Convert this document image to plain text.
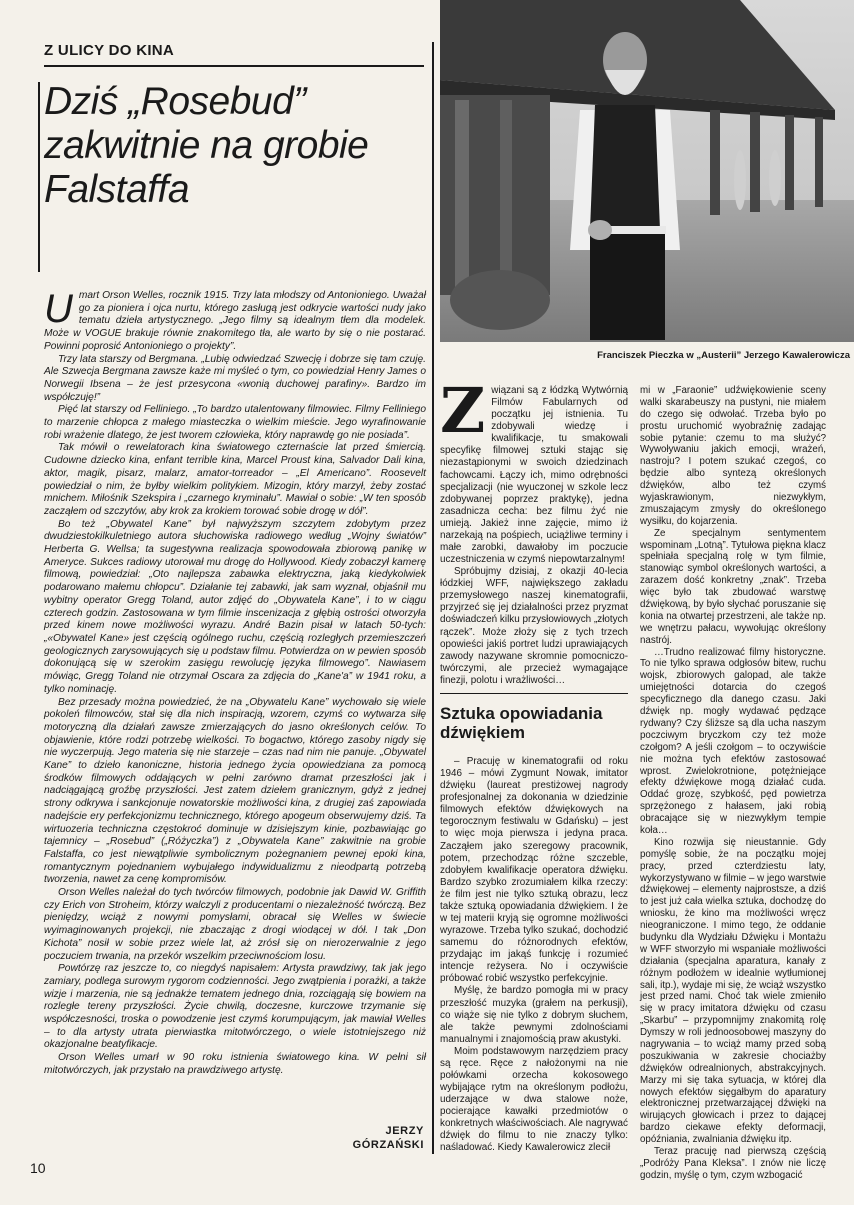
Z ULICY DO KINA
Dziś „Rosebud” zakwitnie na grobie Falstaffa

Umart Orson Welles, rocznik 1915. Trzy lata młodszy od Antonioniego. Uważał go za pioniera i ojca nurtu, którego zasługą jest odkrycie wartości nudy jako tematu dzieła artystycznego. „Jego filmy są idealnym tłem dla modelek. Może w VOGUE brakuje równie znakomitego tła, ale warto by się o nie postarać. Powinni poprosić Antonioniego o projekty”.

Trzy lata starszy od Bergmana. „Lubię odwiedzać Szwecję i dobrze się tam czuję. Ale Szwecja Bergmana zawsze każe mi myśleć o tym, co powiedział Henry James o Norwegii Ibsena – że jest przesycona «wonią duchowej parafiny». Bardzo im współczuję!”

Pięć lat starszy od Felliniego. „To bardzo utalentowany filmowiec. Filmy Felliniego to marzenie chłopca z małego miasteczka o wielkim mieście. Jego wyrafinowanie robi wrażenie dlatego, że jest tworem człowieka, który naprawdę go nie posiada”.

Tak mówił o rewelatorach kina światowego czternaście lat przed śmiercią. Cudowne dziecko kina, enfant terrible kina, Marcel Proust kina, Salvador Dali kina, aktor, magik, pisarz, malarz, amator-torreador – „El Americano”. Roosevelt powiedział o nim, że byłby wielkim politykiem. Mizogin, który marzył, żeby zostać mnichem. Miłośnik Szekspira i „czarnego kryminału”. Mawiał o sobie: „W ten sposób zacząłem od szczytów, aby krok za krokiem torować sobie drogę w dół”.

Bo też „Obywatel Kane” był najwyższym szczytem zdobytym przez dwudziestokilkuletniego autora słuchowiska radiowego według „Wojny światów” Herberta G. Wellsa; ta sugestywna realizacja spowodowała zbiorową panikę w Ameryce. Sukces radiowy utorował mu drogę do Hollywood. Kiedy zobaczył kamerę filmową, powiedział: „Oto najlepsza zabawka elektryczna, jaką kiedykolwiek podarowano małemu chłopcu”. Działanie tej zabawki, jak sam wyznał, objaśnił mu wybitny operator Gregg Toland, autor zdjęć do „Obywatela Kane”, i to w ciągu czterech godzin. Zastosowana w tym filmie inscenizacja z głębią ostrości otworzyła przed kinem nowe możliwości wyrazu. André Bazin pisał w latach 50-tych: „«Obywatel Kane» jest częścią ogólnego ruchu, częścią rozległych przemieszczeń geologicznych zarysowujących się u podstaw filmu. Potwierdza on w pewien sposób dokonującą się w szerokim zasięgu rewolucję języka filmowego”. Nawiasem mówiąc, Gregg Toland nie otrzymał Oscara za zdjęcia do „Kane'a” w 1941 roku, a tylko nominację.

Bez przesady można powiedzieć, że na „Obywatelu Kane” wychowało się wiele pokoleń filmowców, stał się dla nich inspiracją, wzorem, czymś co wytwarza siłę motoryczną dla działań zawsze zmierzających do jasno określonych celów. To objawienie, które rodzi potrzebę wielkości. To bogactwo, którego zasoby nigdy się nie wyczerpują. Jego materia się nie starzeje – czas nad nim nie panuje. „Obywatel Kane” to dzieło kanoniczne, historia jednego życia opowiedziana za pomocą środków filmowych oddających w pełni zarówno dramat przeszłości jak i nadciągającą groźbę przyszłości. Jest zatem dziełem granicznym, gdyż z jednej strony odkrywa i sankcjonuje nowatorskie możliwości kina, z drugiej zaś zapowiada nadejście ery perfekcjonizmu technicznego, którego apogeum obserwujemy dziś. Ta wirtuozeria techniczna częstokroć dominuje w dzisiejszym kinie, pozbawiając go tajemnicy – „Rosebud” („Różyczka”) z „Obywatela Kane” zakwitnie na grobie Falstaffa, co jest niewątpliwie symbolicznym pożegnaniem pewnej epoki kina, romantycznym pojednaniem wybujałego indywidualizmu z nieodpartą potrzebą tworzenia, nawet za cenę kompromisów.

Orson Welles należał do tych twórców filmowych, podobnie jak Dawid W. Griffith czy Erich von Stroheim, którzy walczyli z producentami o niezależność twórczą. Bez pieniędzy, wciąż z nowymi pomysłami, obracał się Welles w świecie wyimaginowanych projekcji, nie zbaczając z drogi wiodącej w dół. I tak „Don Kichota” nosił w sobie przez wiele lat, aż zrósł się on nierozerwalnie z jego poczuciem trwania, na przekór wszelkim przeciwnościom losu.

Powtórzę raz jeszcze to, co niegdyś napisałem: Artysta prawdziwy, tak jak jego zamiary, podlega surowym rygorom codzienności. Jego zwątpienia i porażki, a także wizje i marzenia, nie są jednakże tematem jednego dnia, rozciągają się bowiem na rozległe tereny przyszłości. Życie chwilą, doczesne, kurczowe trzymanie się współczesności, troska o powodzenie jest czymś korumpującym, jak mawiał Welles – to dla artysty utrata pierwiastka mitotwórczego, o wiele istotniejszego niż okazjonalne beatyfikacje.

Orson Welles umarł w 90 roku istnienia światowego kina. W pełni sił mitotwórczych, jak przystało na prawdziwego artystę.

JERZY GÓRZAŃSKI
Franciszek Pieczka w „Austerii” Jerzego Kawalerowicza

Związani są z łódzką Wytwórnią Filmów Fabularnych od początku jej istnienia. Tu zdobywali wiedzę i kwalifikacje, tu smakowali specyfikę filmowej sztuki stając się niezastąpionymi w swoich dziedzinach fachowcami. Łączy ich, mimo odrębności specjalizacji (nie wyuczonej w szkole lecz zdobywanej poprzez praktykę), jedna zasadnicza cecha: bez filmu żyć nie umieją. Jakież inne zajęcie, mimo iż narzekają na pośpiech, uciążliwe terminy i małe zarobki, dawałoby im poczucie uczestniczenia w czymś niepowtarzalnym!

Spróbujmy dzisiaj, z okazji 40-lecia łódzkiej WFF, największego zakładu przemysłowego naszej kinematografii, przyjrzeć się jej działalności przez pryzmat doświadczeń kilku przysłowiowych „złotych rączek”. Może złoży się z tych trzech opowieści jakiś portret ludzi uprawiających zawody nazywane skromnie pomocniczo-twórczymi, ale przecież wymagające finezji, polotu i wrażliwości…

Sztuka opowiadania dźwiękiem

– Pracuję w kinematografii od roku 1946 – mówi Zygmunt Nowak, imitator dźwięku (laureat prestiżowej nagrody profesjonalnej za dokonania w dziedzinie filmowych efektów dźwiękowych na tegorocznym festiwalu w Gdańsku) – jest to więc moja pierwsza i jedyna praca. Zacząłem jako szeregowy pracownik, potem, przechodząc różne szczeble, zdobyłem kwalifikacje operatora dźwięku. Bardzo szybko zrozumiałem kilka rzeczy: że film jest nie tylko sztuką obrazu, lecz także sztuką opowiadania dźwiękiem. I że w tej materii kryją się ogromne możliwości wyrazowe. Trzeba tylko szukać, dochodzić samemu do różnorodnych efektów, przydając im jakąś funkcję i rozumieć intencje reżysera. No i oczywiście próbować robić wszystko perfekcyjnie.

Myślę, że bardzo pomogła mi w pracy przeszłość muzyka (grałem na perkusji), co wiąże się nie tylko z dobrym słuchem, ale także pewnymi zdolnościami manualnymi i znajomością praw akustyki.

Moim podstawowym narzędziem pracy są ręce. Ręce z nałożonymi na nie połówkami orzecha kokosowego wybijające rytm na określonym podłożu, uderzające w dwa stalowe noże, pocierające kawałki przedmiotów o konkretnych właściwościach. Ale nagrywać dźwięk do filmu to nie znaczy tylko: naśladować. Kiedy Kawalerowicz zlecił

mi w „Faraonie” udźwiękowienie sceny walki skarabeuszy na pustyni, nie miałem do czego się odwołać. Trzeba było po prostu uruchomić wyobraźnię zadając sobie pytanie: czemu to ma służyć? Wywoływaniu jakich emocji, wrażeń, nastroju? I potem szukać czegoś, co będzie albo syntezą określonych dźwięków, albo też czymś wyjaskrawionym, niezwykłym, zmuszającym zmysły do określonego wysiłku, do kojarzenia.

Ze specjalnym sentymentem wspominam „Lotną”. Tytułowa piękna klacz spełniała specjalną rolę w tym filmie, stanowiąc symbol określonych wartości, a zarazem dość konkretny „znak”. Trzeba więc było tak zbudować warstwę dźwiękową, by było słychać poruszanie się konia na otwartej przestrzeni, ale także np. we wnętrzu pałacu, wywołując określony nastrój.

…Trudno realizować filmy historyczne. To nie tylko sprawa odgłosów bitew, ruchu wojsk, zbiorowych galopad, ale także umiejętności dotarcia do czegoś specyficznego dla danego czasu. Jaki dźwięk np. mogły wydawać pędzące rydwany? Czy śliższe są dla ucha naszym poczciwym bryczkom czy też może czołgom? A jeśli czołgom – to oczywiście nie można tych efektów zastosować wprost. Zwielokrotnione, potężniejące efekty dźwiękowe mogą działać cuda. Oddać grozę, szybkość, pęd powietrza sprzężonego z hałasem, jaki robią obracające się w niezwykłym tempie koła…

Kino rozwija się nieustannie. Gdy pomyślę sobie, że na początku mojej pracy, przed czterdziestu laty, wykorzystywano w filmie – w jego warstwie dźwiękowej – elementy najprostsze, a dziś to jest już cała wielka sztuka, dochodzę do wniosku, że kino ma możliwości wręcz nieograniczone. I mimo tego, że oddanie budynku dla Wydziału Dźwięku i Montażu w WFF stworzyło mi wspaniałe możliwości działania (specjalna aparatura, kanały z różnym podłożem w idealnie wytłumionej sali, itp.), wydaje mi się, że wciąż wszystko jest przed nami. Choć tak wiele zmieniło się w pracy imitatora dźwięku od czasu „Skarbu” – przypomnijmy znakomitą rolę Dymszy w roli jednoosobowej maszyny do nagrywania – to wciąż mamy przed sobą poszukiwania w zakresie chociażby dźwięków odrealnionych, abstrakcyjnych. Marzy mi się taka sytuacja, w której dla nowych efektów sięgałbym do aparatury elektronicznej przetwarzającej dźwięki na wirujących głowicach i przez to dającej bardzo ciekawe efekty deformacji, opóźniania, zwalniania dźwięku itp.

Teraz pracuję nad pierwszą częścią „Podróży Pana Kleksa”. I znów nie liczę godzin, myślę o tym, czym wzbogacić

10
